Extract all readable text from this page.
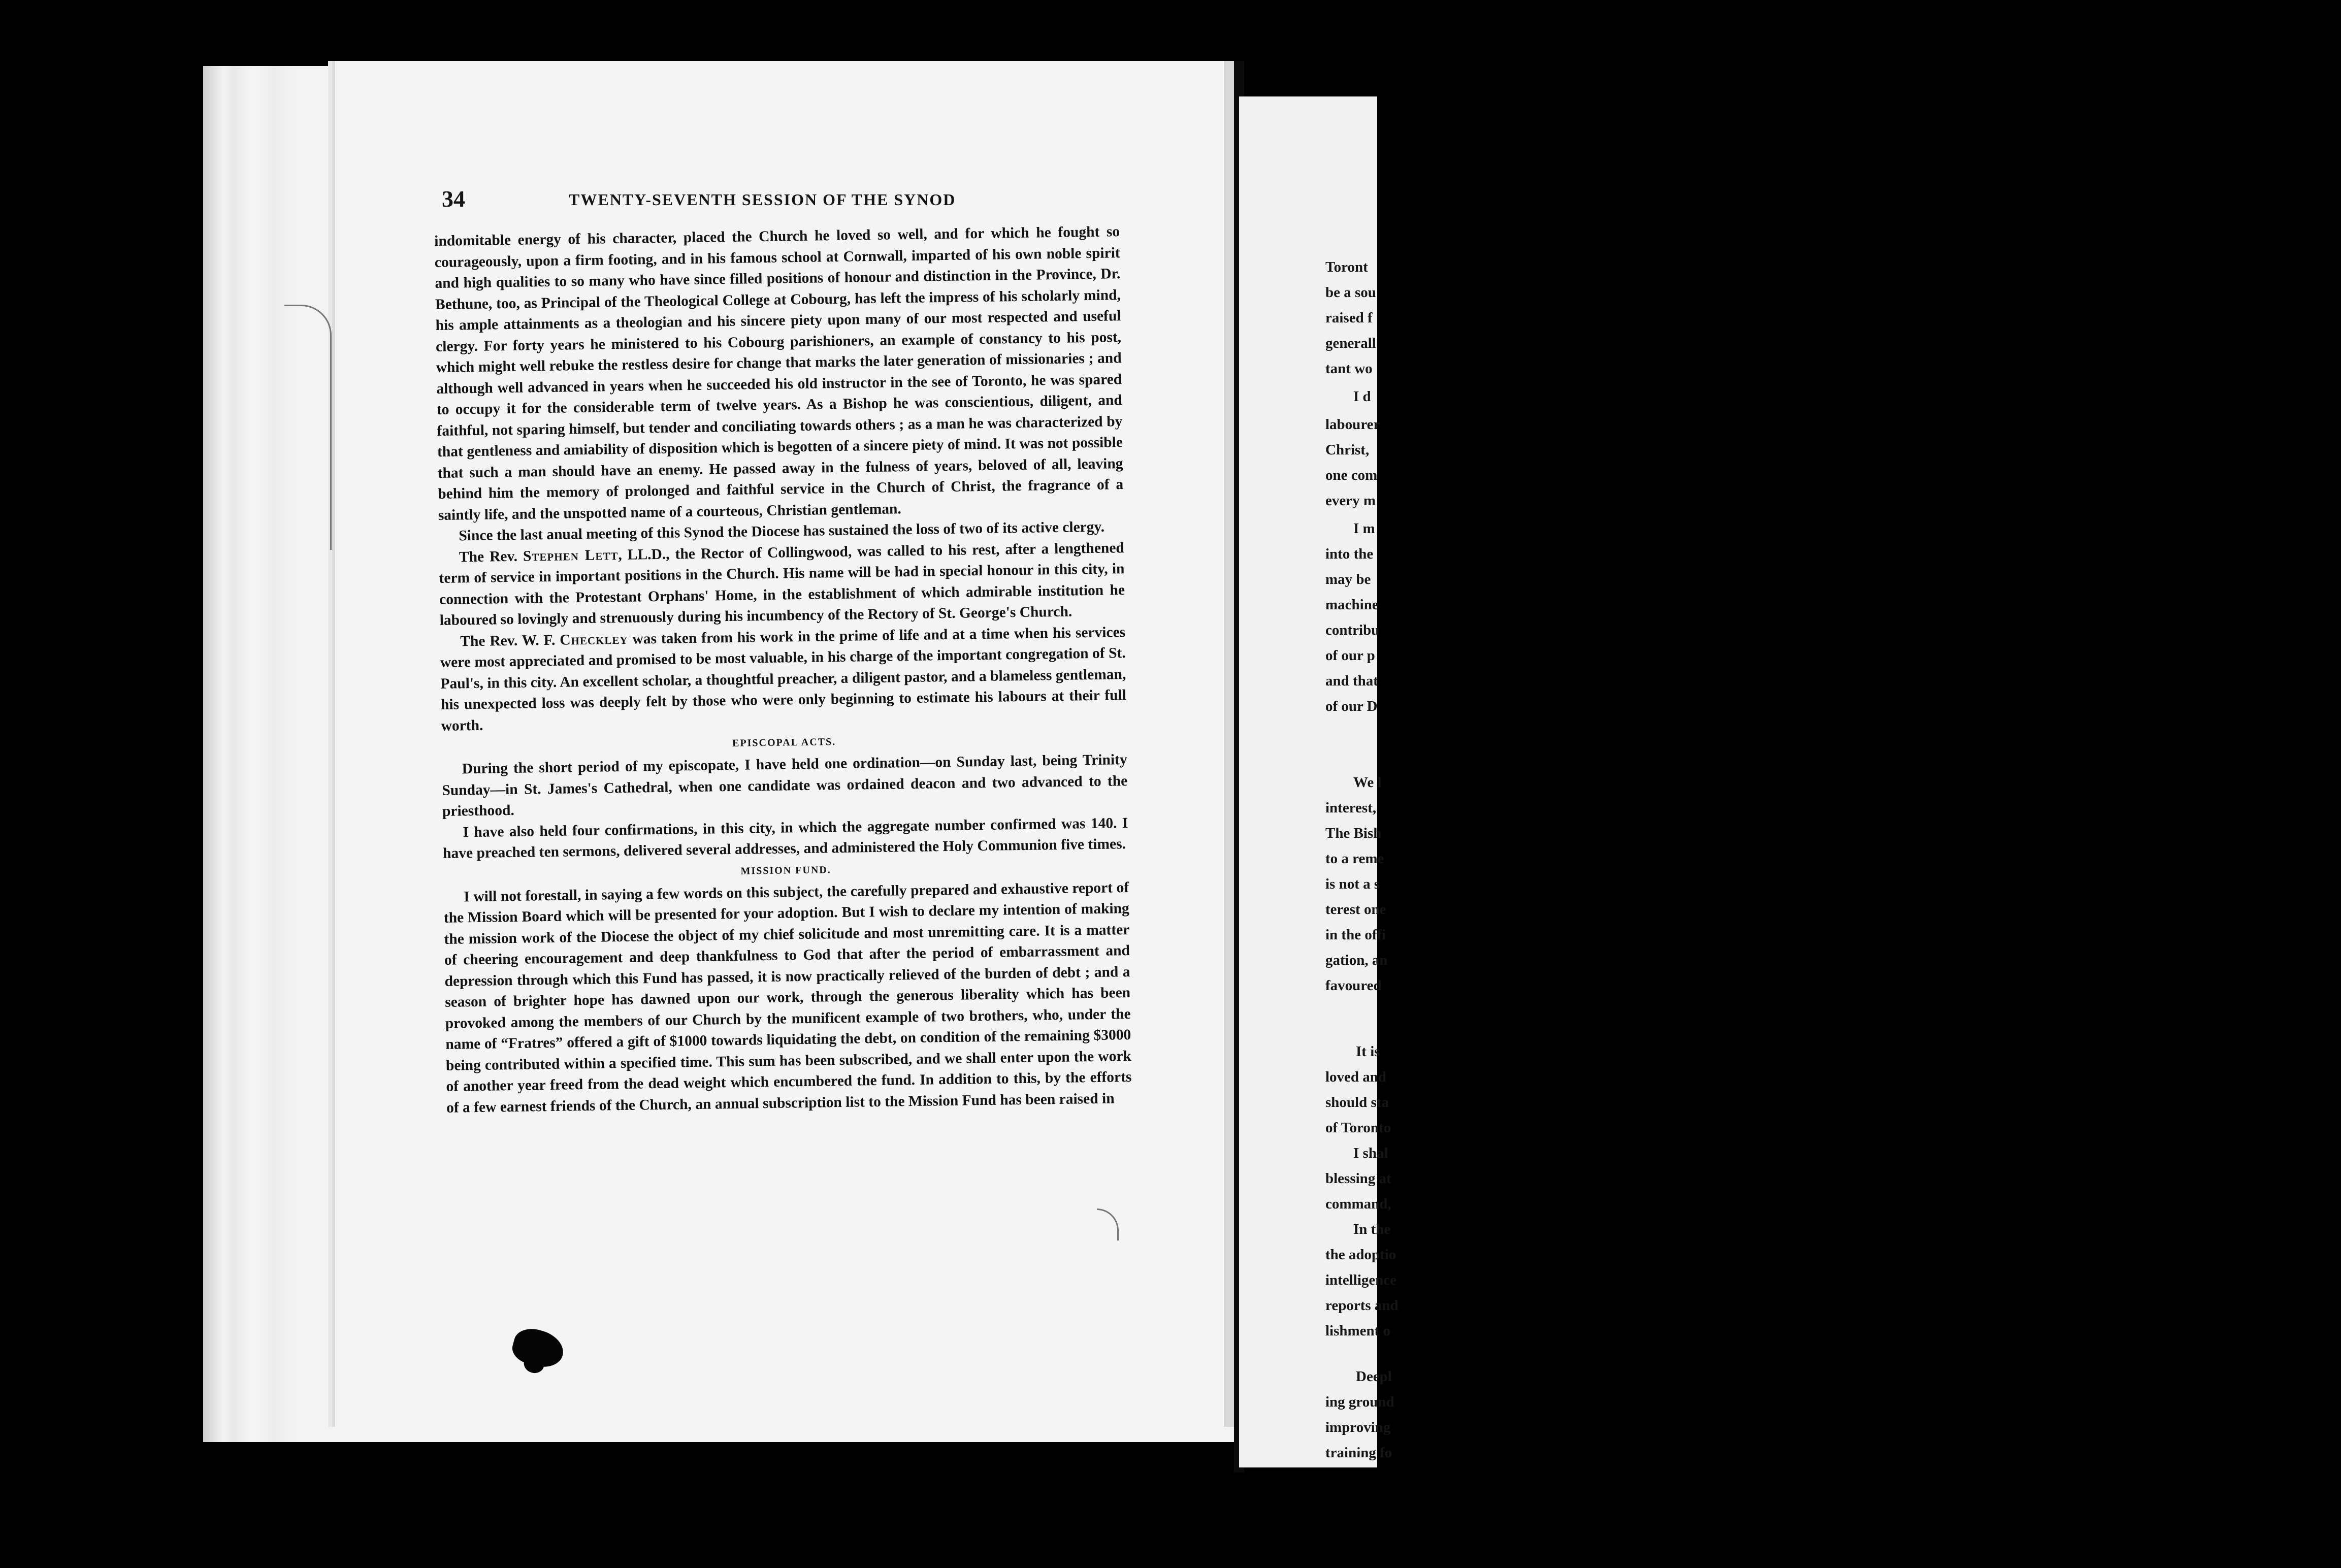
34	TWENTY-SEVENTH SESSION OF THE SYNOD

indomitable energy of his character, placed the Church he loved so well, and for which he fought so courageously, upon a firm footing, and in his famous school at Cornwall, imparted of his own noble spirit and high qualities to so many who have since filled positions of honour and distinction in the Province, Dr. Bethune, too, as Principal of the Theological College at Cobourg, has left the impress of his scholarly mind, his ample attainments as a theologian and his sincere piety upon many of our most respected and useful clergy. For forty years he ministered to his Cobourg parishioners, an example of constancy to his post, which might well rebuke the restless desire for change that marks the later generation of missionaries ; and although well advanced in years when he succeeded his old instructor in the see of Toronto, he was spared to occupy it for the considerable term of twelve years. As a Bishop he was conscientious, diligent, and faithful, not sparing himself, but tender and conciliating towards others ; as a man he was characterized by that gentleness and amiability of disposition which is begotten of a sincere piety of mind. It was not possible that such a man should have an enemy. He passed away in the fulness of years, beloved of all, leaving behind him the memory of prolonged and faithful service in the Church of Christ, the fragrance of a saintly life, and the unspotted name of a courteous, Christian gentleman.

Since the last anual meeting of this Synod the Diocese has sustained the loss of two of its active clergy.

The Rev. Stephen Lett, LL.D., the Rector of Collingwood, was called to his rest, after a lengthened term of service in important positions in the Church. His name will be had in special honour in this city, in connection with the Protestant Orphans' Home, in the establishment of which admirable institution he laboured so lovingly and strenuously during his incumbency of the Rectory of St. George's Church.

The Rev. W. F. Checkley was taken from his work in the prime of life and at a time when his services were most appreciated and promised to be most valuable, in his charge of the important congregation of St. Paul's, in this city. An excellent scholar, a thoughtful preacher, a diligent pastor, and a blameless gentleman, his unexpected loss was deeply felt by those who were only beginning to estimate his labours at their full worth.

EPISCOPAL ACTS.

During the short period of my episcopate, I have held one ordination—on Sunday last, being Trinity Sunday—in St. James's Cathedral, when one candidate was ordained deacon and two advanced to the priesthood.

I have also held four confirmations, in this city, in which the aggregate number confirmed was 140. I have preached ten sermons, delivered several addresses, and administered the Holy Communion five times.

MISSION FUND.

I will not forestall, in saying a few words on this subject, the carefully prepared and exhaustive report of the Mission Board which will be presented for your adoption. But I wish to declare my intention of making the mission work of the Diocese the object of my chief solicitude and most unremitting care. It is a matter of cheering encouragement and deep thankfulness to God that after the period of embarrassment and depression through which this Fund has passed, it is now practically relieved of the burden of debt ; and a season of brighter hope has dawned upon our work, through the generous liberality which has been provoked among the members of our Church by the munificent example of two brothers, who, under the name of “Fratres” offered a gift of $1000 towards liquidating the debt, on condition of the remaining $3000 being contributed within a specified time. This sum has been subscribed, and we shall enter upon the work of another year freed from the dead weight which encumbered the fund. In addition to this, by the efforts of a few earnest friends of the Church, an annual subscription list to the Mission Fund has been raised in

Toront
be a sou
raised f
generall
tant wo
I d
labourer
Christ,
one com
every m
I m
into the
may be
machine
contribu
of our p
and that
of our D
We l
interest,
The Bish
to a reme
is not a s
terest one
in the offi
gation, an
favoured
It is
loved and
should sta
of Toronto
I shal
blessing at
command,
In the
the adoptio
intelligence
reports and
lishment o
Deepl
ing ground
improving
training fo
